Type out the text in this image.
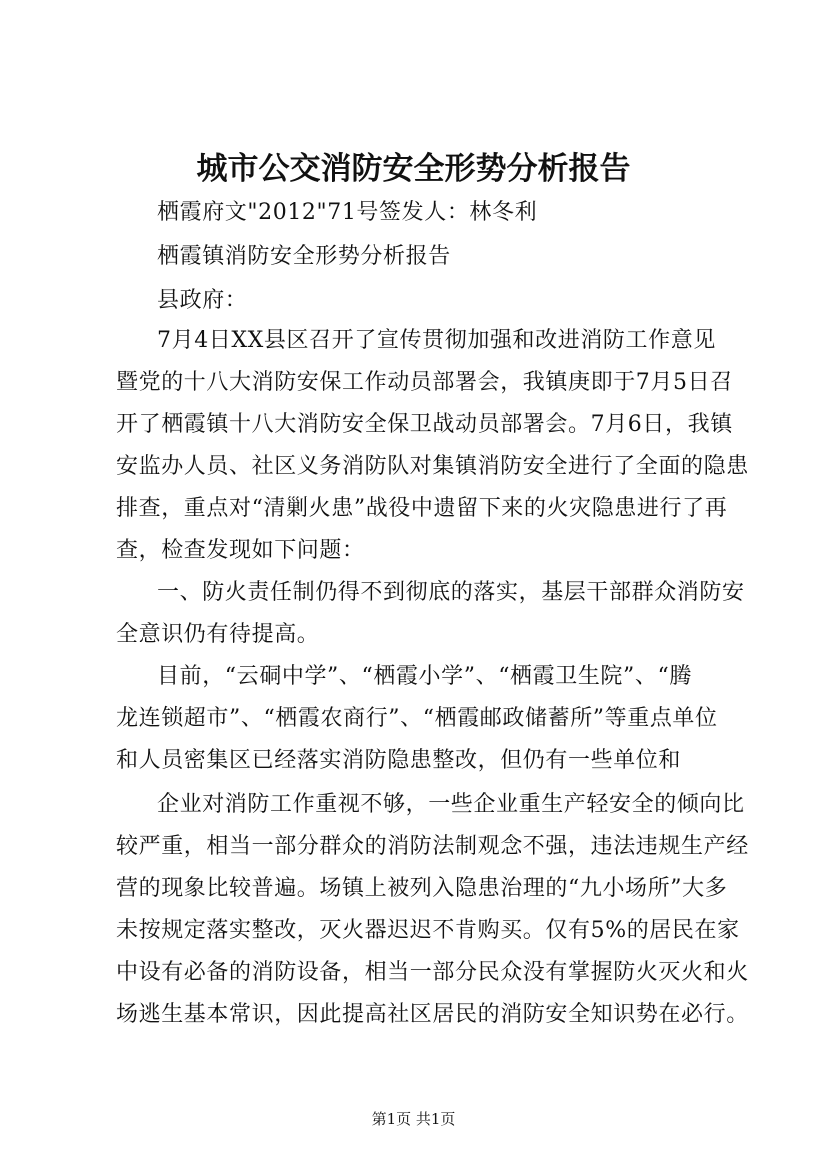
城市公交消防安全形势分析报告
栖霞府文"2012"71号签发人：林冬利
栖霞镇消防安全形势分析报告
县政府：
7月4日XX县区召开了宣传贯彻加强和改进消防工作意见
暨党的十八大消防安保工作动员部署会，我镇庚即于7月5日召
开了栖霞镇十八大消防安全保卫战动员部署会。7月6日，我镇
安监办人员、社区义务消防队对集镇消防安全进行了全面的隐患
排查，重点对“清剿火患”战役中遗留下来的火灾隐患进行了再
查，检查发现如下问题：
一、防火责任制仍得不到彻底的落实，基层干部群众消防安
全意识仍有待提高。
目前，“云硐中学”、“栖霞小学”、“栖霞卫生院”、“腾
龙连锁超市”、“栖霞农商行”、“栖霞邮政储蓄所”等重点单位
和人员密集区已经落实消防隐患整改，但仍有一些单位和
企业对消防工作重视不够，一些企业重生产轻安全的倾向比
较严重，相当一部分群众的消防法制观念不强，违法违规生产经
营的现象比较普遍。场镇上被列入隐患治理的“九小场所”大多
未按规定落实整改，灭火器迟迟不肯购买。仅有5%的居民在家
中设有必备的消防设备，相当一部分民众没有掌握防火灭火和火
场逃生基本常识，因此提高社区居民的消防安全知识势在必行。
第1页 共1页
